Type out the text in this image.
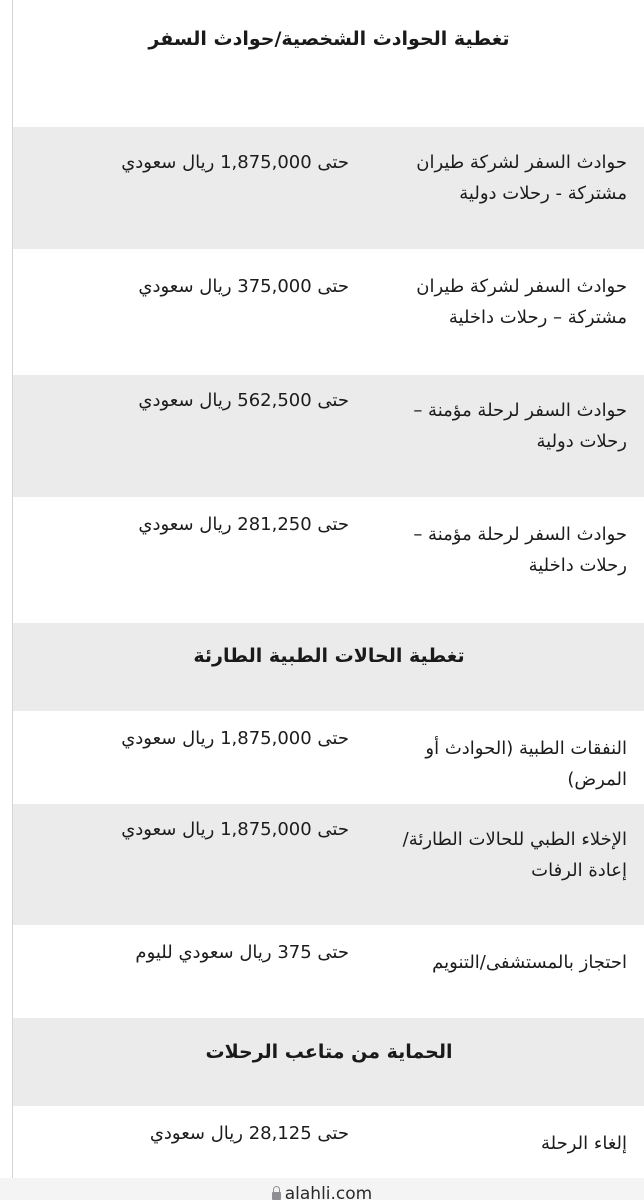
تغطية الحوادث الشخصية/حوادث السفر
حوادث السفر لشركة طيران مشتركة - رحلات دولية
حتى 1,875,000 ريال سعودي
حوادث السفر لشركة طيران مشتركة – رحلات داخلية
حتى 375,000 ريال سعودي
حوادث السفر لرحلة مؤمنة – رحلات دولية
حتى 562,500 ريال سعودي
حوادث السفر لرحلة مؤمنة – رحلات داخلية
حتى 281,250 ريال سعودي
تغطية الحالات الطبية الطارئة
النفقات الطبية (الحوادث أو المرض)
حتى 1,875,000 ريال سعودي
الإخلاء الطبي للحالات الطارئة/إعادة الرفات
حتى 1,875,000 ريال سعودي
احتجاز بالمستشفى/التنويم
حتى 375 ريال سعودي لليوم
الحماية من متاعب الرحلات
إلغاء الرحلة
حتى 28,125 ريال سعودي
alahli.com
